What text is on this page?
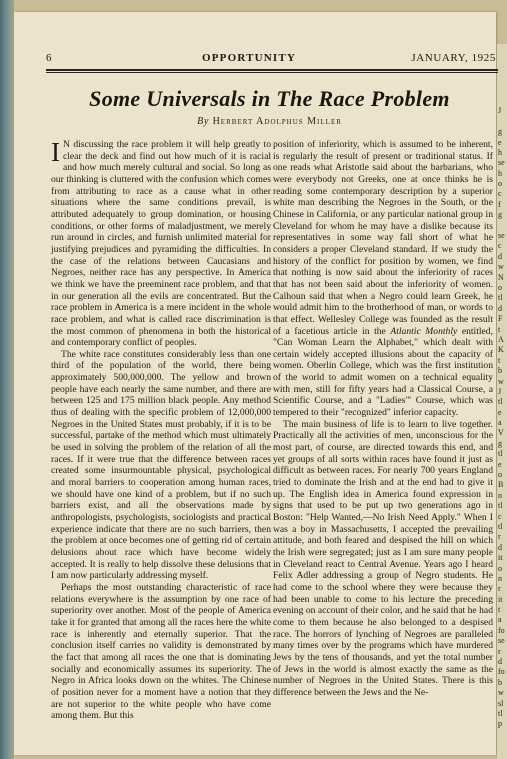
J
g
e
h
se
h
o
c
f
g
se
c
d
w
N
o
tl
d
F
t
A
K
t
b
w
J
tl
e
a
V
g
tl
e
o
B
n
tl
c
tl
r
d
it
o
n
r
it
t
a
fo
se
r
d
fo
b
w
sl
tl
p
6	OPPORTUNITY	JANUARY, 1925
Some Universals in The Race Problem
By Herbert Adolphus Miller

I N discussing the race problem it will help greatly to clear the deck and find out how much of it is racial and how much merely cultural and social. So long as our thinking is cluttered with the confusion which comes from attributing to race as a cause what in other situations where the same conditions prevail, is attributed adequately to group domination, or housing conditions, or other forms of maladjustment, we merely run around in circles, and furnish unlimited material for justifying prejudices and pyramiding the difficulties. In the case of the relations between Caucasians and Negroes, neither race has any perspective. In America we think we have the preeminent race problem, and that in our generation all the evils are concentrated. But the race problem in America is a mere incident in the whole race problem, and what is called race discrimination is the most common of phenomena in both the historical and contemporary conflict of peoples.

The white race constitutes considerably less than one third of the population of the world, there being approximately 500,000,000. The yellow and brown people have each nearly the same number, and there are between 125 and 175 million black people. Any method thus of dealing with the specific problem of 12,000,000 Negroes in the United States must probably, if it is to be successful, partake of the method which must ultimately be used in solving the problem of the relation of all the races. If it were true that the difference between races created some insurmountable physical, psychological and moral barriers to cooperation among human races, we should have one kind of a problem, but if no such barriers exist, and all the observations made by anthropologists, psychologists, sociologists and practical experience indicate that there are no such barriers, then the problem at once becomes one of getting rid of certain delusions about race which have become widely accepted. It is really to help dissolve these delusions that I am now particularly addressing myself.

Perhaps the most outstanding characteristic of race relations everywhere is the assumption by one race of superiority over another. Most of the people of America take it for granted that among all the races here the white race is inherently and eternally superior. That the conclusion itself carries no validity is demonstrated by the fact that among all races the one that is dominating socially and economically assumes its superiority. The Negro in Africa looks down on the whites. The Chinese of position never for a moment have a notion that they are not superior to the white people who have come among them. But this

position of inferiority, which is assumed to be inherent, is regularly the result of present or traditional status. If one reads what Aristotle said about the barbarians, who were everybody not Greeks, one at once thinks he is reading some contemporary description by a superior white man describing the Negroes in the South, or the Chinese in California, or any particular national group in Cleveland for whom he may have a dislike because its representatives in some way fall short of what he considers a proper Cleveland standard. If we study the history of the conflict for position by women, we find that nothing is now said about the inferiority of races that has not been said about the inferiority of women. Calhoun said that when a Negro could learn Greek, he would admit him to the brotherhood of man, or words to that effect. Wellesley College was founded as the result of a facetious article in the Atlantic Monthly entitled, "Can Woman Learn the Alphabet," which dealt with certain widely accepted illusions about the capacity of women. Oberlin College, which was the first institution of the world to admit women on a technical equality with men, still for fifty years had a Classical Course, a Scientific Course, and a "Ladies'" Course, which was tempered to their "recognized" inferior capacity.

The main business of life is to learn to live together. Practically all the activities of men, unconscious for the most part, of course, are directed towards this end, and yet groups of all sorts within races have found it just as difficult as between races. For nearly 700 years England tried to dominate the Irish and at the end had to give it up. The English idea in America found expression in signs that used to be put up two generations ago in Boston: "Help Wanted,—No Irish Need Apply." When I was a boy in Massachusetts, I accepted the prevailing attitude, and both feared and despised the hill on which the Irish were segregated; just as I am sure many people in Cleveland react to Central Avenue. Years ago I heard Felix Adler addressing a group of Negro students. He had come to the school where they were because they had been unable to come to his lecture the preceding evening on account of their color, and he said that he had come to them because he also belonged to a despised race. The horrors of lynching of Negroes are paralleled many times over by the programs which have murdered Jews by the tens of thousands, and yet the total number of Jews in the world is almost exactly the same as the number of Negroes in the United States. There is this difference between the Jews and the Ne-
